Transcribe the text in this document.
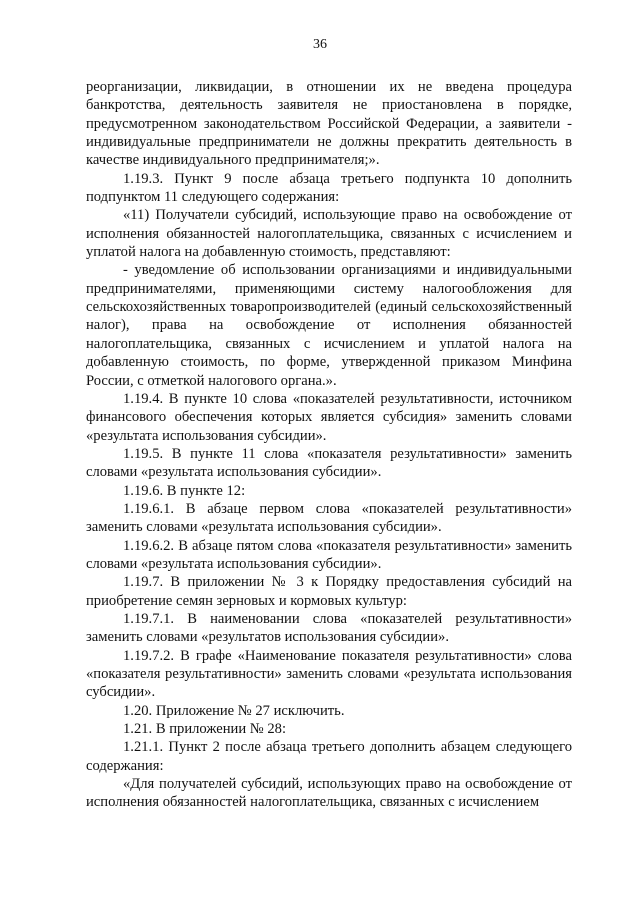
36

реорганизации, ликвидации, в отношении их не введена процедура банкротства, деятельность заявителя не приостановлена в порядке, предусмотренном законодательством Российской Федерации, а заявители - индивидуальные предприниматели не должны прекратить деятельность в качестве индивидуального предпринимателя;».

1.19.3. Пункт 9 после абзаца третьего подпункта 10 дополнить подпунктом 11 следующего содержания:

«11) Получатели субсидий, использующие право на освобождение от исполнения обязанностей налогоплательщика, связанных с исчислением и уплатой налога на добавленную стоимость, представляют:

- уведомление об использовании организациями и индивидуальными предпринимателями, применяющими систему налогообложения для сельскохозяйственных товаропроизводителей (единый сельскохозяйственный налог), права на освобождение от исполнения обязанностей налогоплательщика, связанных с исчислением и уплатой налога на добавленную стоимость, по форме, утвержденной приказом Минфина России, с отметкой налогового органа.».

1.19.4. В пункте 10 слова «показателей результативности, источником финансового обеспечения которых является субсидия» заменить словами «результата использования субсидии».

1.19.5. В пункте 11 слова «показателя результативности» заменить словами «результата использования субсидии».

1.19.6. В пункте 12:

1.19.6.1. В абзаце первом слова «показателей результативности» заменить словами «результата использования субсидии».

1.19.6.2. В абзаце пятом слова «показателя результативности» заменить словами «результата использования субсидии».

1.19.7. В приложении № 3 к Порядку предоставления субсидий на приобретение семян зерновых и кормовых культур:

1.19.7.1. В наименовании слова «показателей результативности» заменить словами «результатов использования субсидии».

1.19.7.2. В графе «Наименование показателя результативности» слова «показателя результативности» заменить словами «результата использования субсидии».

1.20. Приложение № 27 исключить.

1.21. В приложении № 28:

1.21.1. Пункт 2 после абзаца третьего дополнить абзацем следующего содержания:

«Для получателей субсидий, использующих право на освобождение от исполнения обязанностей налогоплательщика, связанных с исчислением
